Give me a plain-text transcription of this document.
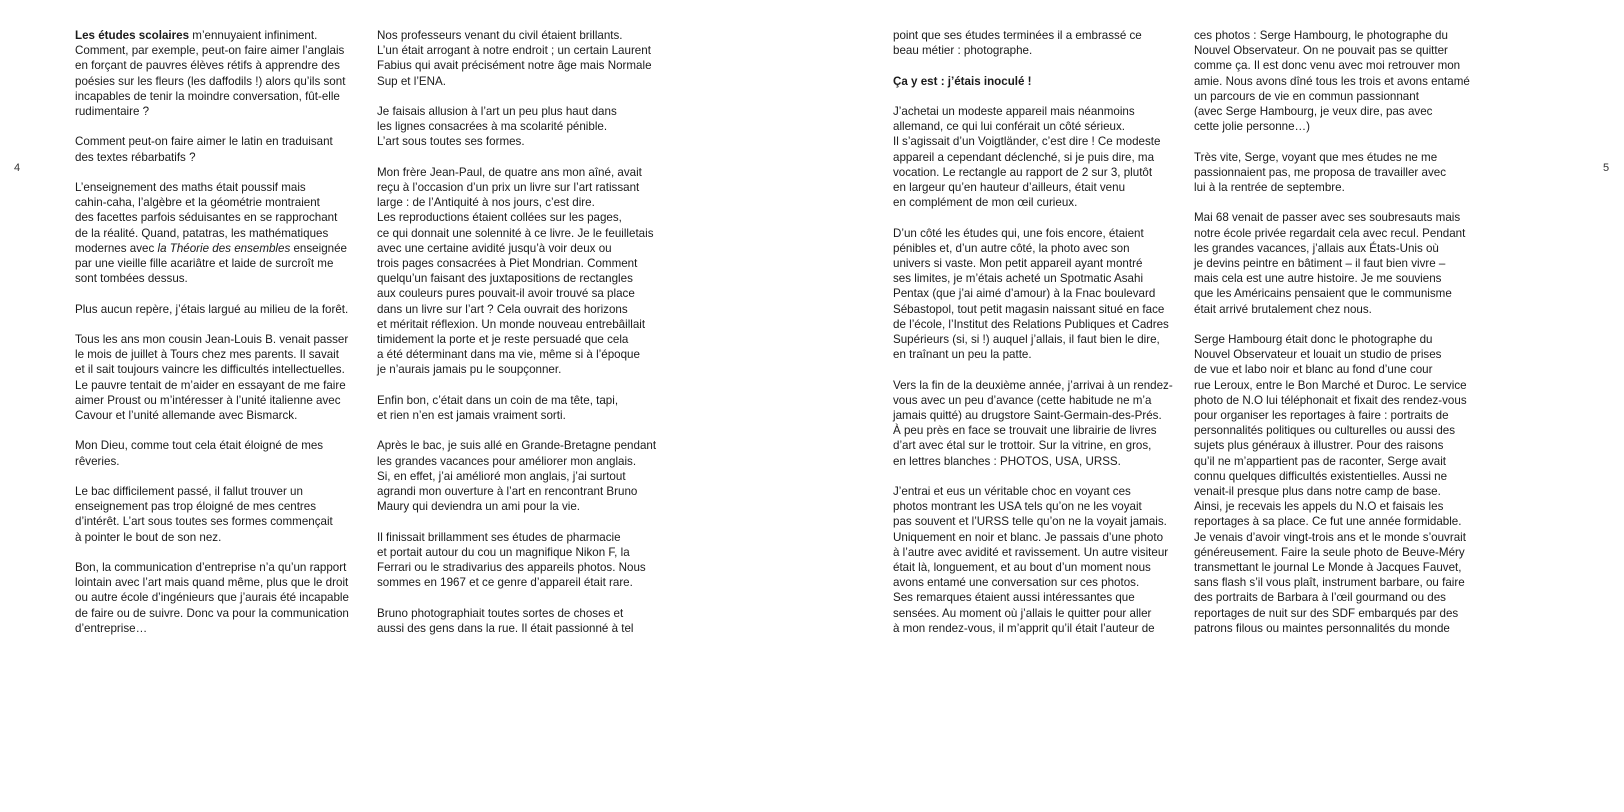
4	5

Les études scolaires m’ennuyaient infiniment.
Comment, par exemple, peut-on faire aimer l’anglais
en forçant de pauvres élèves rétifs à apprendre des
poésies sur les fleurs (les daffodils !) alors qu’ils sont
incapables de tenir la moindre conversation, fût-elle
rudimentaire ?

Comment peut-on faire aimer le latin en traduisant
des textes rébarbatifs ?

L’enseignement des maths était poussif mais
cahin-caha, l’algèbre et la géométrie montraient
des facettes parfois séduisantes en se rapprochant
de la réalité. Quand, patatras, les mathématiques
modernes avec la Théorie des ensembles enseignée
par une vieille fille acariâtre et laide de surcroît me
sont tombées dessus.

Plus aucun repère, j’étais largué au milieu de la forêt.

Tous les ans mon cousin Jean-Louis B. venait passer
le mois de juillet à Tours chez mes parents. Il savait
et il sait toujours vaincre les difficultés intellectuelles.
Le pauvre tentait de m’aider en essayant de me faire
aimer Proust ou m’intéresser à l’unité italienne avec
Cavour et l’unité allemande avec Bismarck.

Mon Dieu, comme tout cela était éloigné de mes
rêveries.

Le bac difficilement passé, il fallut trouver un
enseignement pas trop éloigné de mes centres
d’intérêt. L’art sous toutes ses formes commençait
à pointer le bout de son nez.

Bon, la communication d’entreprise n’a qu’un rapport
lointain avec l’art mais quand même, plus que le droit
ou autre école d’ingénieurs que j’aurais été incapable
de faire ou de suivre. Donc va pour la communication
d’entreprise…

Nos professeurs venant du civil étaient brillants.
L’un était arrogant à notre endroit ; un certain Laurent
Fabius qui avait précisément notre âge mais Normale
Sup et l’ENA.

Je faisais allusion à l’art un peu plus haut dans
les lignes consacrées à ma scolarité pénible.
L’art sous toutes ses formes.

Mon frère Jean-Paul, de quatre ans mon aîné, avait
reçu à l’occasion d’un prix un livre sur l’art ratissant
large : de l’Antiquité à nos jours, c’est dire.
Les reproductions étaient collées sur les pages,
ce qui donnait une solennité à ce livre. Je le feuilletais
avec une certaine avidité jusqu’à voir deux ou
trois pages consacrées à Piet Mondrian. Comment
quelqu’un faisant des juxtapositions de rectangles
aux couleurs pures pouvait-il avoir trouvé sa place
dans un livre sur l’art ? Cela ouvrait des horizons
et méritait réflexion. Un monde nouveau entrebâillait
timidement la porte et je reste persuadé que cela
a été déterminant dans ma vie, même si à l’époque
je n’aurais jamais pu le soupçonner.

Enfin bon, c’était dans un coin de ma tête, tapi,
et rien n’en est jamais vraiment sorti.

Après le bac, je suis allé en Grande-Bretagne pendant
les grandes vacances pour améliorer mon anglais.
Si, en effet, j’ai amélioré mon anglais, j’ai surtout
agrandi mon ouverture à l’art en rencontrant Bruno
Maury qui deviendra un ami pour la vie.

Il finissait brillamment ses études de pharmacie
et portait autour du cou un magnifique Nikon F, la
Ferrari ou le stradivarius des appareils photos. Nous
sommes en 1967 et ce genre d’appareil était rare.

Bruno photographiait toutes sortes de choses et
aussi des gens dans la rue. Il était passionné à tel

point que ses études terminées il a embrassé ce
beau métier : photographe.

Ça y est : j’étais inoculé !

J’achetai un modeste appareil mais néanmoins
allemand, ce qui lui conférait un côté sérieux.
Il s’agissait d’un Voigtländer, c’est dire ! Ce modeste
appareil a cependant déclenché, si je puis dire, ma
vocation. Le rectangle au rapport de 2 sur 3, plutôt
en largeur qu’en hauteur d’ailleurs, était venu
en complément de mon œil curieux.

D’un côté les études qui, une fois encore, étaient
pénibles et, d’un autre côté, la photo avec son
univers si vaste. Mon petit appareil ayant montré
ses limites, je m’étais acheté un Spotmatic Asahi
Pentax (que j’ai aimé d’amour) à la Fnac boulevard
Sébastopol, tout petit magasin naissant situé en face
de l’école, l’Institut des Relations Publiques et Cadres
Supérieurs (si, si !) auquel j’allais, il faut bien le dire,
en traînant un peu la patte.

Vers la fin de la deuxième année, j’arrivai à un rendez-
vous avec un peu d’avance (cette habitude ne m’a
jamais quitté) au drugstore Saint-Germain-des-Prés.
À peu près en face se trouvait une librairie de livres
d’art avec étal sur le trottoir. Sur la vitrine, en gros,
en lettres blanches : PHOTOS, USA, URSS.

J’entrai et eus un véritable choc en voyant ces
photos montrant les USA tels qu’on ne les voyait
pas souvent et l’URSS telle qu’on ne la voyait jamais.
Uniquement en noir et blanc. Je passais d’une photo
à l’autre avec avidité et ravissement. Un autre visiteur
était là, longuement, et au bout d’un moment nous
avons entamé une conversation sur ces photos.
Ses remarques étaient aussi intéressantes que
sensées. Au moment où j’allais le quitter pour aller
à mon rendez-vous, il m’apprit qu’il était l’auteur de

ces photos : Serge Hambourg, le photographe du
Nouvel Observateur. On ne pouvait pas se quitter
comme ça. Il est donc venu avec moi retrouver mon
amie. Nous avons dîné tous les trois et avons entamé
un parcours de vie en commun passionnant
(avec Serge Hambourg, je veux dire, pas avec
cette jolie personne…)

Très vite, Serge, voyant que mes études ne me
passionnaient pas, me proposa de travailler avec
lui à la rentrée de septembre.

Mai 68 venait de passer avec ses soubresauts mais
notre école privée regardait cela avec recul. Pendant
les grandes vacances, j’allais aux États-Unis où
je devins peintre en bâtiment – il faut bien vivre –
mais cela est une autre histoire. Je me souviens
que les Américains pensaient que le communisme
était arrivé brutalement chez nous.

Serge Hambourg était donc le photographe du
Nouvel Observateur et louait un studio de prises
de vue et labo noir et blanc au fond d’une cour
rue Leroux, entre le Bon Marché et Duroc. Le service
photo de N.O lui téléphonait et fixait des rendez-vous
pour organiser les reportages à faire : portraits de
personnalités politiques ou culturelles ou aussi des
sujets plus généraux à illustrer. Pour des raisons
qu’il ne m’appartient pas de raconter, Serge avait
connu quelques difficultés existentielles. Aussi ne
venait-il presque plus dans notre camp de base.
Ainsi, je recevais les appels du N.O et faisais les
reportages à sa place. Ce fut une année formidable.
Je venais d’avoir vingt-trois ans et le monde s’ouvrait
généreusement. Faire la seule photo de Beuve-Méry
transmettant le journal Le Monde à Jacques Fauvet,
sans flash s’il vous plaît, instrument barbare, ou faire
des portraits de Barbara à l’œil gourmand ou des
reportages de nuit sur des SDF embarqués par des
patrons filous ou maintes personnalités du monde
